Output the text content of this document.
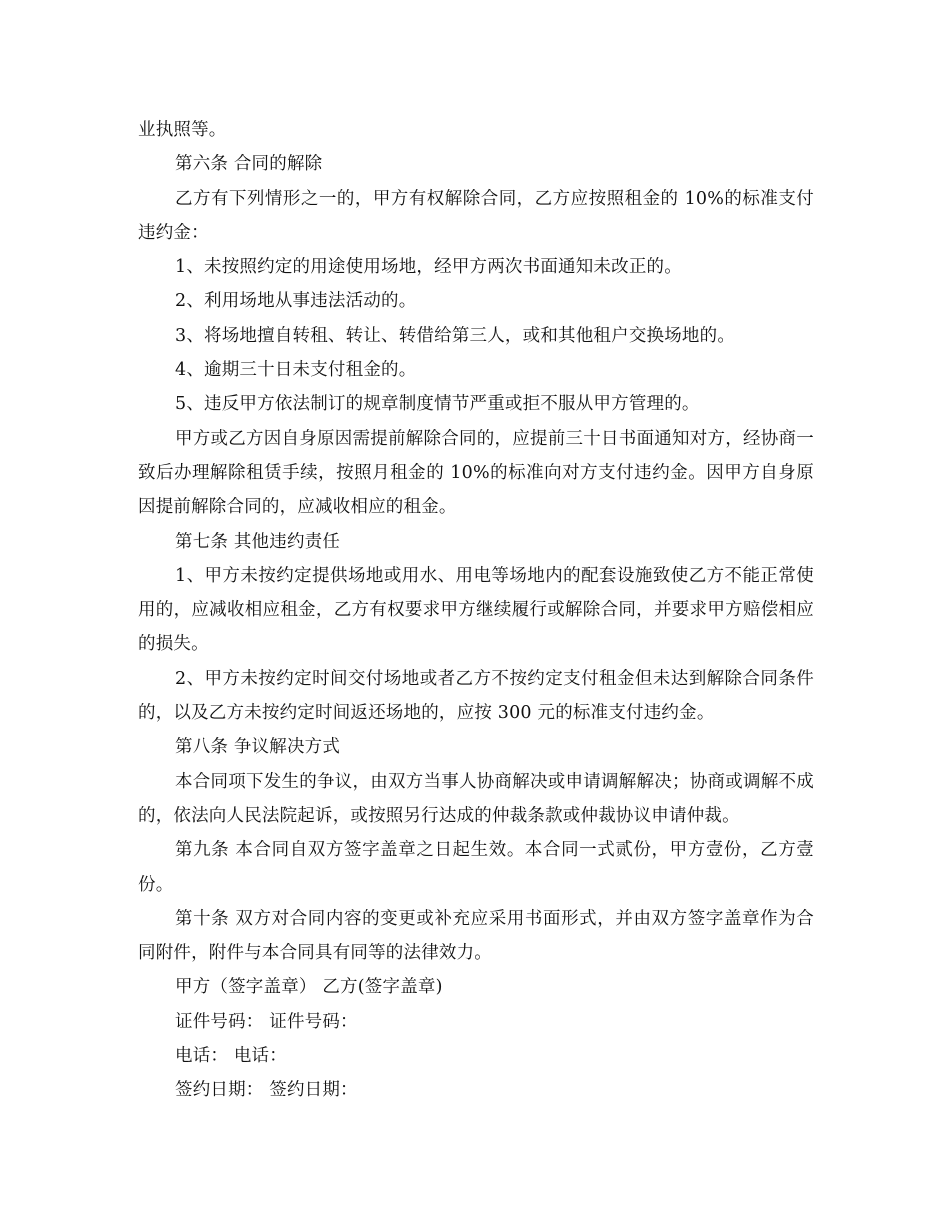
业执照等。

第六条 合同的解除

乙方有下列情形之一的，甲方有权解除合同，乙方应按照租金的 10%的标准支付违约金：

1、未按照约定的用途使用场地，经甲方两次书面通知未改正的。

2、利用场地从事违法活动的。

3、将场地擅自转租、转让、转借给第三人，或和其他租户交换场地的。

4、逾期三十日未支付租金的。

5、违反甲方依法制订的规章制度情节严重或拒不服从甲方管理的。

甲方或乙方因自身原因需提前解除合同的，应提前三十日书面通知对方，经协商一致后办理解除租赁手续，按照月租金的 10%的标准向对方支付违约金。因甲方自身原因提前解除合同的，应减收相应的租金。

第七条 其他违约责任

1、甲方未按约定提供场地或用水、用电等场地内的配套设施致使乙方不能正常使用的，应减收相应租金，乙方有权要求甲方继续履行或解除合同，并要求甲方赔偿相应的损失。

2、甲方未按约定时间交付场地或者乙方不按约定支付租金但未达到解除合同条件的，以及乙方未按约定时间返还场地的，应按 300 元的标准支付违约金。

第八条 争议解决方式

本合同项下发生的争议，由双方当事人协商解决或申请调解解决；协商或调解不成的，依法向人民法院起诉，或按照另行达成的仲裁条款或仲裁协议申请仲裁。

第九条 本合同自双方签字盖章之日起生效。本合同一式贰份，甲方壹份，乙方壹份。

第十条 双方对合同内容的变更或补充应采用书面形式，并由双方签字盖章作为合同附件，附件与本合同具有同等的法律效力。

甲方（签字盖章） 乙方(签字盖章)

证件号码： 证件号码：

电话： 电话：

签约日期： 签约日期：
